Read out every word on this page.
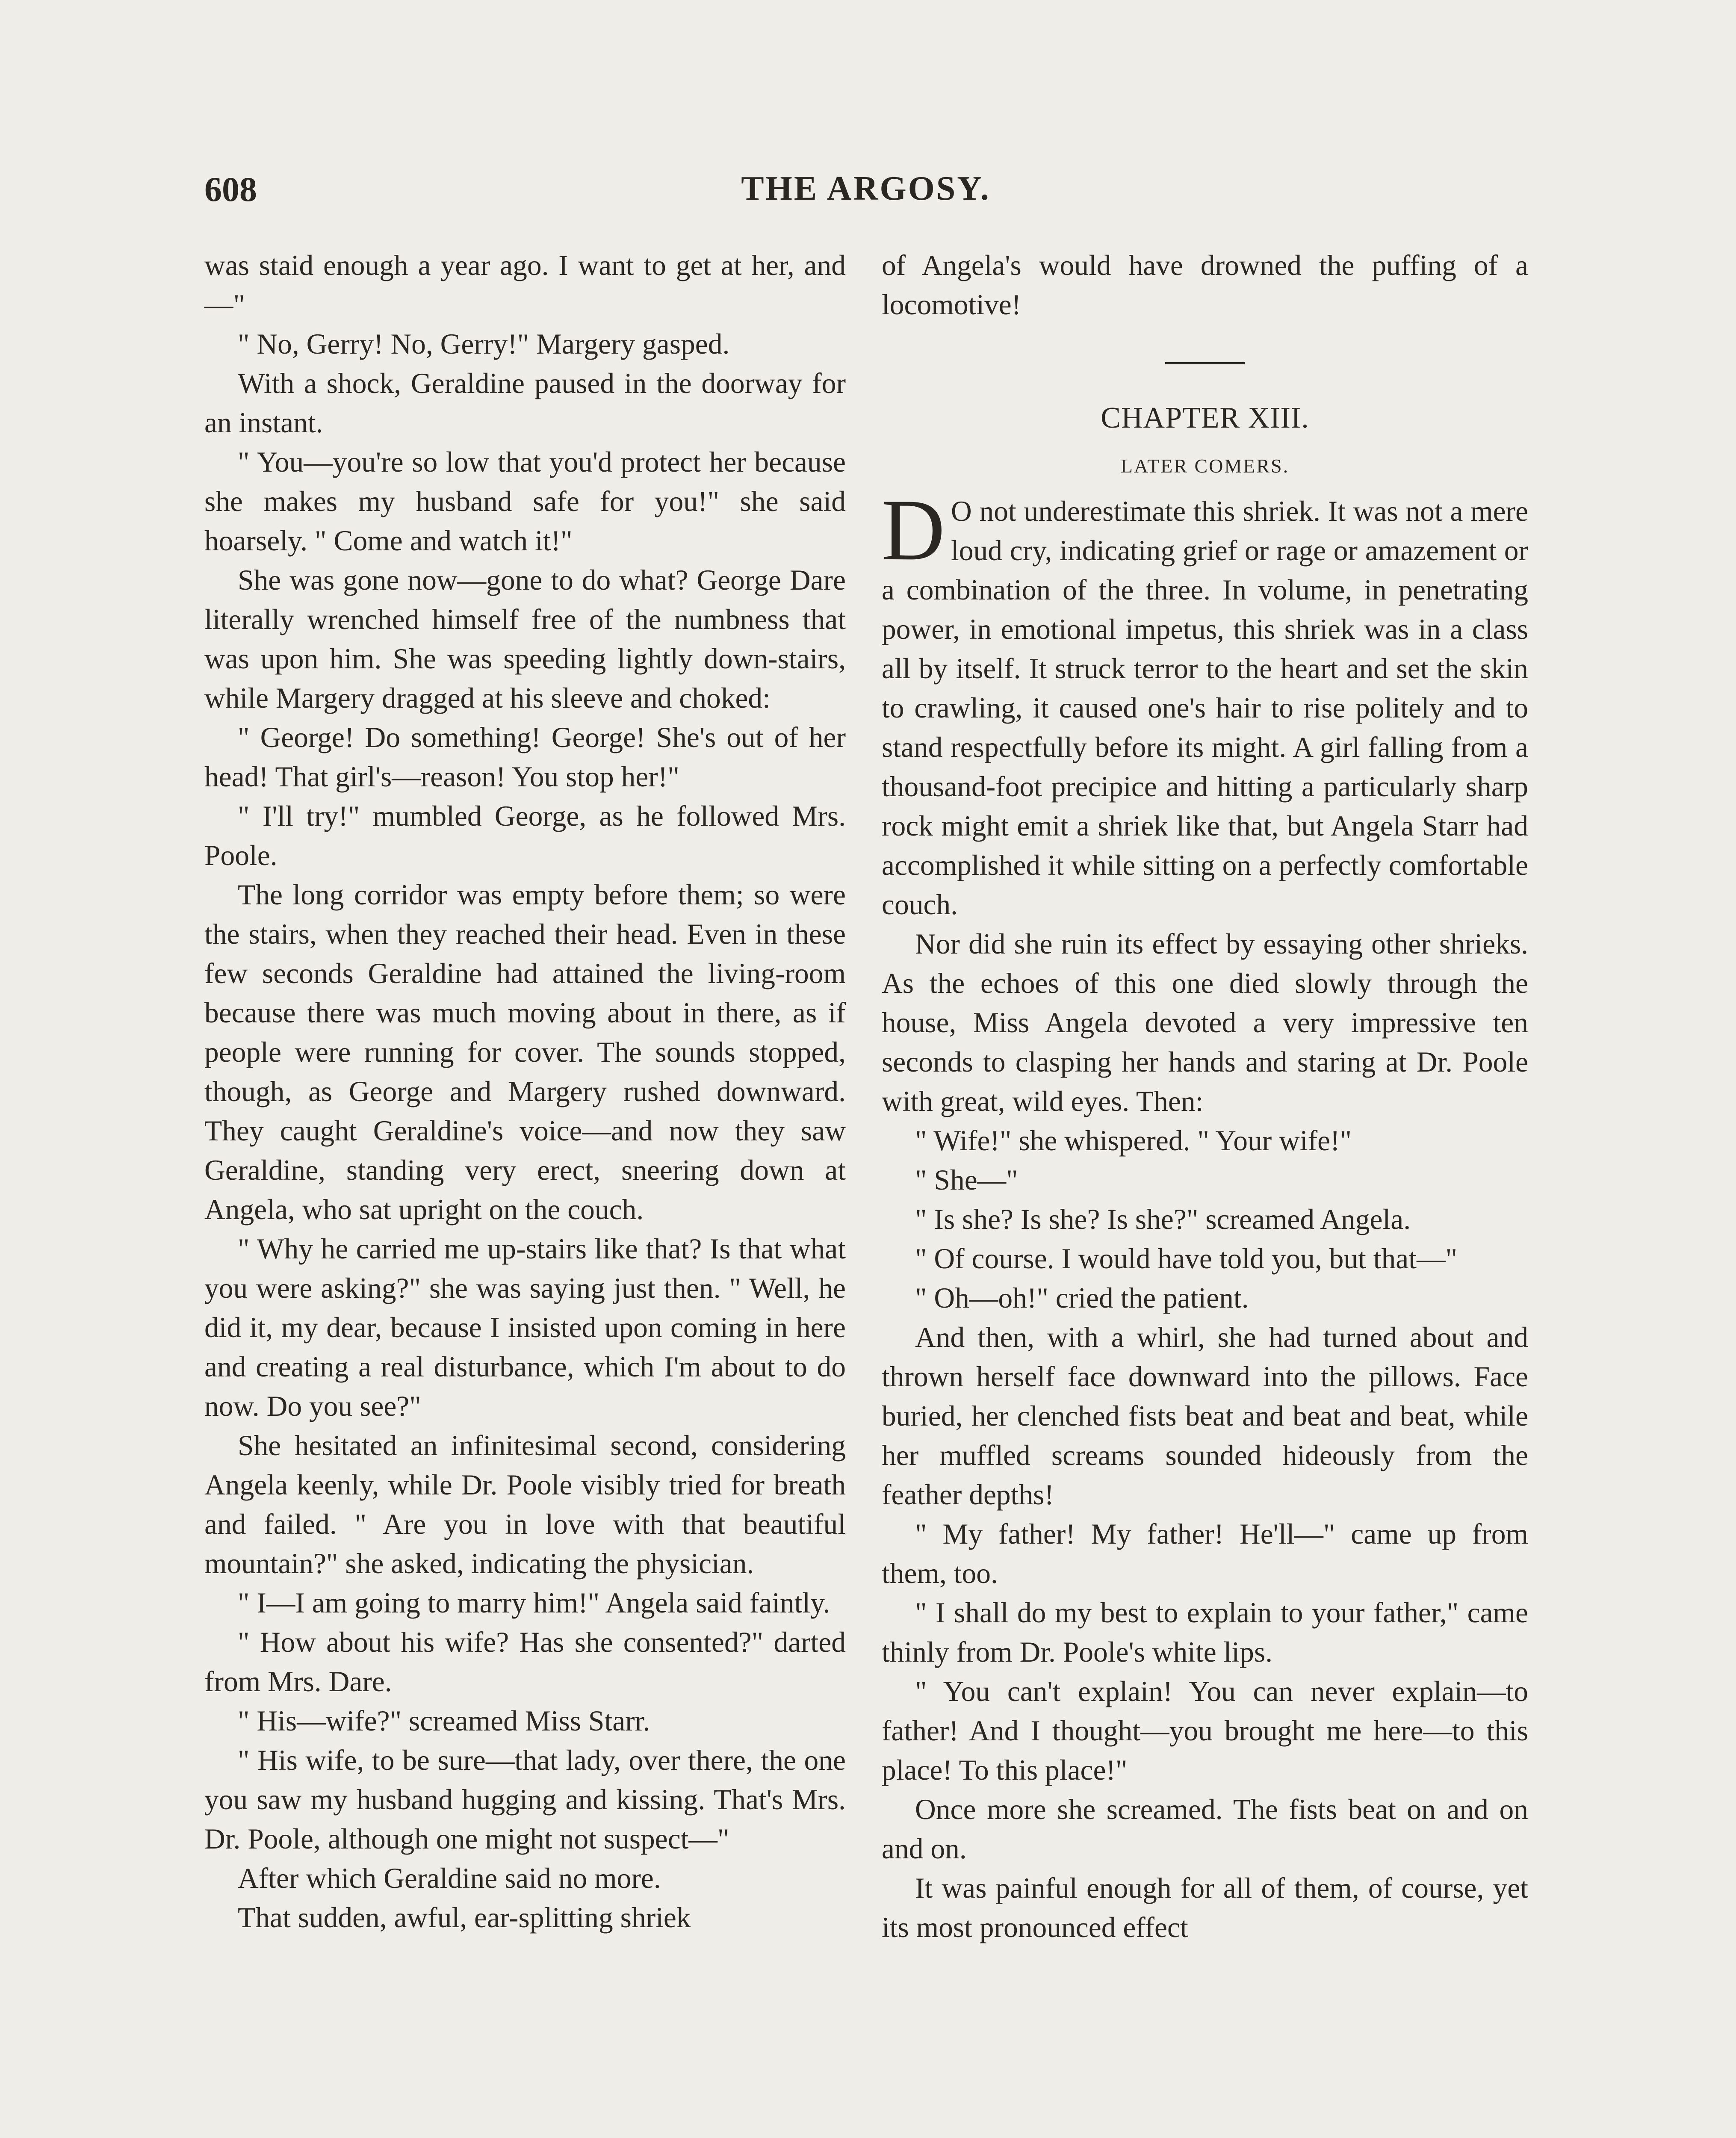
608	THE ARGOSY.

was staid enough a year ago. I want to get at her, and—"

" No, Gerry! No, Gerry!" Margery gasped.

With a shock, Geraldine paused in the doorway for an instant.

" You—you're so low that you'd protect her because she makes my husband safe for you!" she said hoarsely. " Come and watch it!"

She was gone now—gone to do what? George Dare literally wrenched himself free of the numbness that was upon him. She was speeding lightly down-stairs, while Margery dragged at his sleeve and choked:

" George! Do something! George! She's out of her head! That girl's—reason! You stop her!"

" I'll try!" mumbled George, as he followed Mrs. Poole.

The long corridor was empty before them; so were the stairs, when they reached their head. Even in these few seconds Geraldine had attained the living-room because there was much moving about in there, as if people were running for cover. The sounds stopped, though, as George and Margery rushed downward. They caught Geraldine's voice—and now they saw Geraldine, standing very erect, sneering down at Angela, who sat upright on the couch.

" Why he carried me up-stairs like that? Is that what you were asking?" she was saying just then. " Well, he did it, my dear, because I insisted upon coming in here and creating a real disturbance, which I'm about to do now. Do you see?"

She hesitated an infinitesimal second, considering Angela keenly, while Dr. Poole visibly tried for breath and failed. " Are you in love with that beautiful mountain?" she asked, indicating the physician.

" I—I am going to marry him!" Angela said faintly.

" How about his wife? Has she consented?" darted from Mrs. Dare.

" His—wife?" screamed Miss Starr.

" His wife, to be sure—that lady, over there, the one you saw my husband hugging and kissing. That's Mrs. Dr. Poole, although one might not suspect—"

After which Geraldine said no more.

That sudden, awful, ear-splitting shriek

of Angela's would have drowned the puffing of a locomotive!

CHAPTER XIII.
LATER COMERS.

D O not underestimate this shriek. It was not a mere loud cry, indicating grief or rage or amazement or a combination of the three. In volume, in penetrating power, in emotional impetus, this shriek was in a class all by itself. It struck terror to the heart and set the skin to crawling, it caused one's hair to rise politely and to stand respectfully before its might. A girl falling from a thousand-foot precipice and hitting a particularly sharp rock might emit a shriek like that, but Angela Starr had accomplished it while sitting on a perfectly comfortable couch.

Nor did she ruin its effect by essaying other shrieks. As the echoes of this one died slowly through the house, Miss Angela devoted a very impressive ten seconds to clasping her hands and staring at Dr. Poole with great, wild eyes. Then:

" Wife!" she whispered. " Your wife!"

" She—"

" Is she? Is she? Is she?" screamed Angela.

" Of course. I would have told you, but that—"

" Oh—oh!" cried the patient.

And then, with a whirl, she had turned about and thrown herself face downward into the pillows. Face buried, her clenched fists beat and beat and beat, while her muffled screams sounded hideously from the feather depths!

" My father! My father! He'll—" came up from them, too.

" I shall do my best to explain to your father," came thinly from Dr. Poole's white lips.

" You can't explain! You can never explain—to father! And I thought—you brought me here—to this place! To this place!"

Once more she screamed. The fists beat on and on and on.

It was painful enough for all of them, of course, yet its most pronounced effect
